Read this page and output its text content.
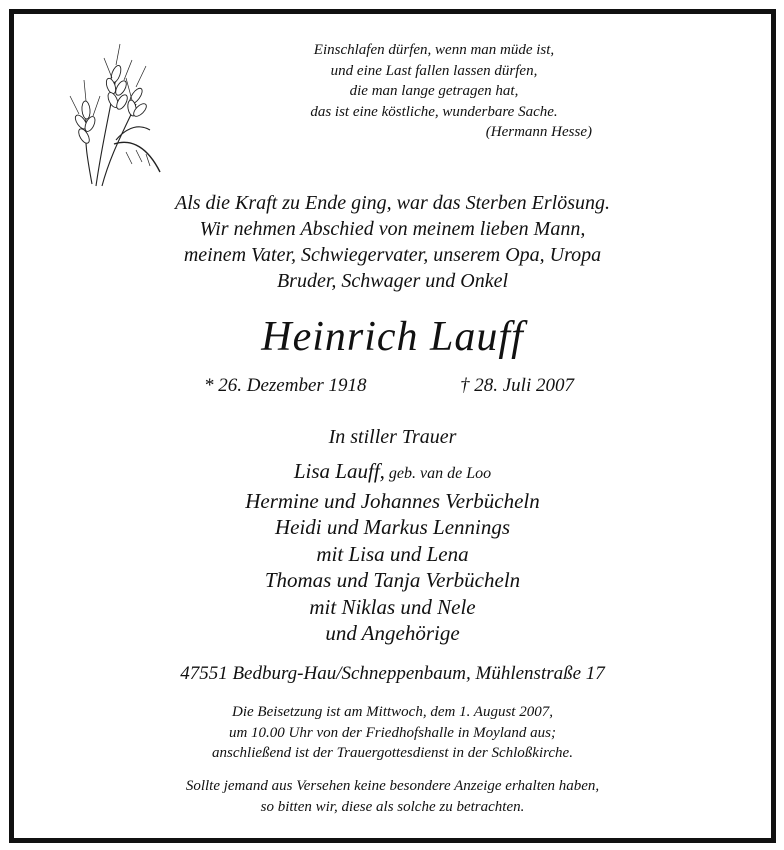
Einschlafen dürfen, wenn man müde ist,
und eine Last fallen lassen dürfen,
die man lange getragen hat,
das ist eine köstliche, wunderbare Sache.
(Hermann Hesse)
Als die Kraft zu Ende ging, war das Sterben Erlösung.
Wir nehmen Abschied von meinem lieben Mann,
meinem Vater, Schwiegervater, unserem Opa, Uropa
Bruder, Schwager und Onkel
Heinrich Lauff
* 26. Dezember 1918	† 28. Juli 2007
In stiller Trauer
Lisa Lauff, geb. van de Loo
Hermine und Johannes Verbücheln
Heidi und Markus Lennings
mit Lisa und Lena
Thomas und Tanja Verbücheln
mit Niklas und Nele
und Angehörige
47551 Bedburg-Hau/Schneppenbaum, Mühlenstraße 17
Die Beisetzung ist am Mittwoch, dem 1. August 2007,
um 10.00 Uhr von der Friedhofshalle in Moyland aus;
anschließend ist der Trauergottesdienst in der Schloßkirche.
Sollte jemand aus Versehen keine besondere Anzeige erhalten haben,
so bitten wir, diese als solche zu betrachten.
